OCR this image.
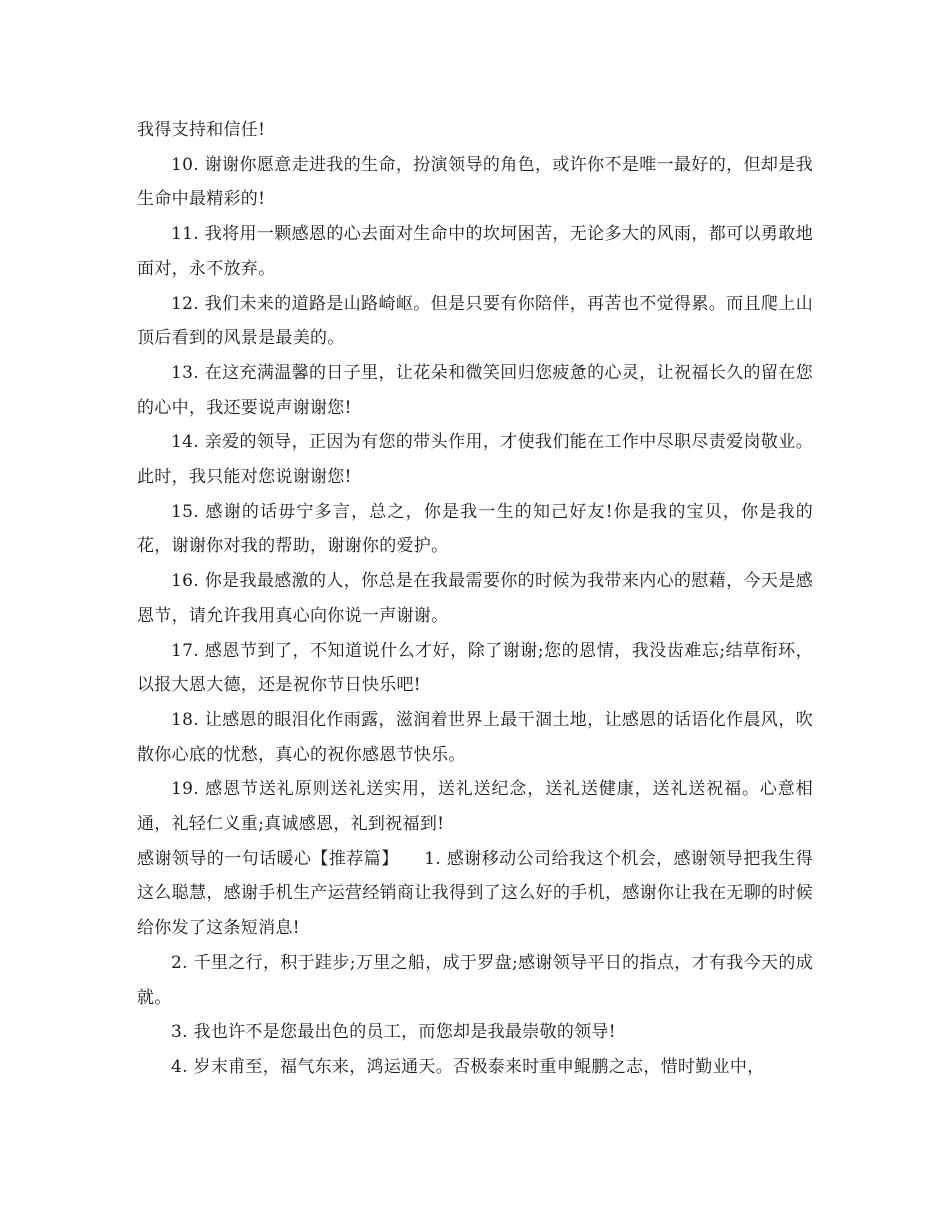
我得支持和信任!

10. 谢谢你愿意走进我的生命，扮演领导的角色，或许你不是唯一最好的，但却是我生命中最精彩的!

11. 我将用一颗感恩的心去面对生命中的坎坷困苦，无论多大的风雨，都可以勇敢地面对，永不放弃。

12. 我们未来的道路是山路崎岖。但是只要有你陪伴，再苦也不觉得累。而且爬上山顶后看到的风景是最美的。

13. 在这充满温馨的日子里，让花朵和微笑回归您疲惫的心灵，让祝福长久的留在您的心中，我还要说声谢谢您!

14. 亲爱的领导，正因为有您的带头作用，才使我们能在工作中尽职尽责爱岗敬业。此时，我只能对您说谢谢您!

15. 感谢的话毋宁多言，总之，你是我一生的知己好友!你是我的宝贝，你是我的花，谢谢你对我的帮助，谢谢你的爱护。

16. 你是我最感激的人，你总是在我最需要你的时候为我带来内心的慰藉，今天是感恩节，请允许我用真心向你说一声谢谢。

17. 感恩节到了，不知道说什么才好，除了谢谢;您的恩情，我没齿难忘;结草衔环，以报大恩大德，还是祝你节日快乐吧!

18. 让感恩的眼泪化作雨露，滋润着世界上最干涸土地，让感恩的话语化作晨风，吹散你心底的忧愁，真心的祝你感恩节快乐。

19. 感恩节送礼原则送礼送实用，送礼送纪念，送礼送健康，送礼送祝福。心意相通，礼轻仁义重;真诚感恩，礼到祝福到!

感谢领导的一句话暖心【推荐篇】 1. 感谢移动公司给我这个机会，感谢领导把我生得这么聪慧，感谢手机生产运营经销商让我得到了这么好的手机，感谢你让我在无聊的时候给你发了这条短消息!

2. 千里之行，积于跬步;万里之船，成于罗盘;感谢领导平日的指点，才有我今天的成就。

3. 我也许不是您最出色的员工，而您却是我最崇敬的领导!

4. 岁末甫至，福气东来，鸿运通天。否极泰来时重申鲲鹏之志，惜时勤业中，
